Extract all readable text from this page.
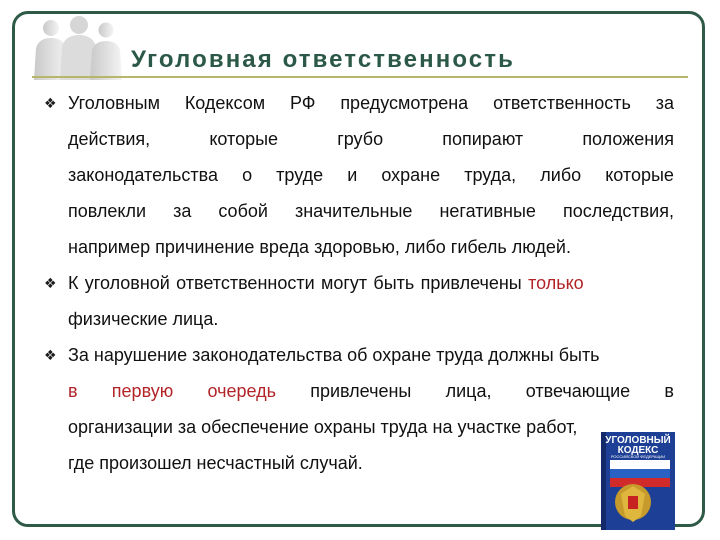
Уголовная ответственность
❖ Уголовным Кодексом РФ предусмотрена ответственность за
действия,	которые	грубо	попирают	положения
законодательства о труде и охране труда, либо которые
повлекли за собой значительные негативные последствия,
например причинение вреда здоровью, либо гибель людей.
❖ К уголовной ответственности могут быть привлечены только
физические лица.
❖ За нарушение законодательства об охране труда должны быть
в первую очередь привлечены лица, отвечающие в
организации за обеспечение охраны труда на участке работ,
где произошел несчастный случай.
УГОЛОВНЫЙ
КОДЕКС
РОССИЙСКОЙ ФЕДЕРАЦИИ
